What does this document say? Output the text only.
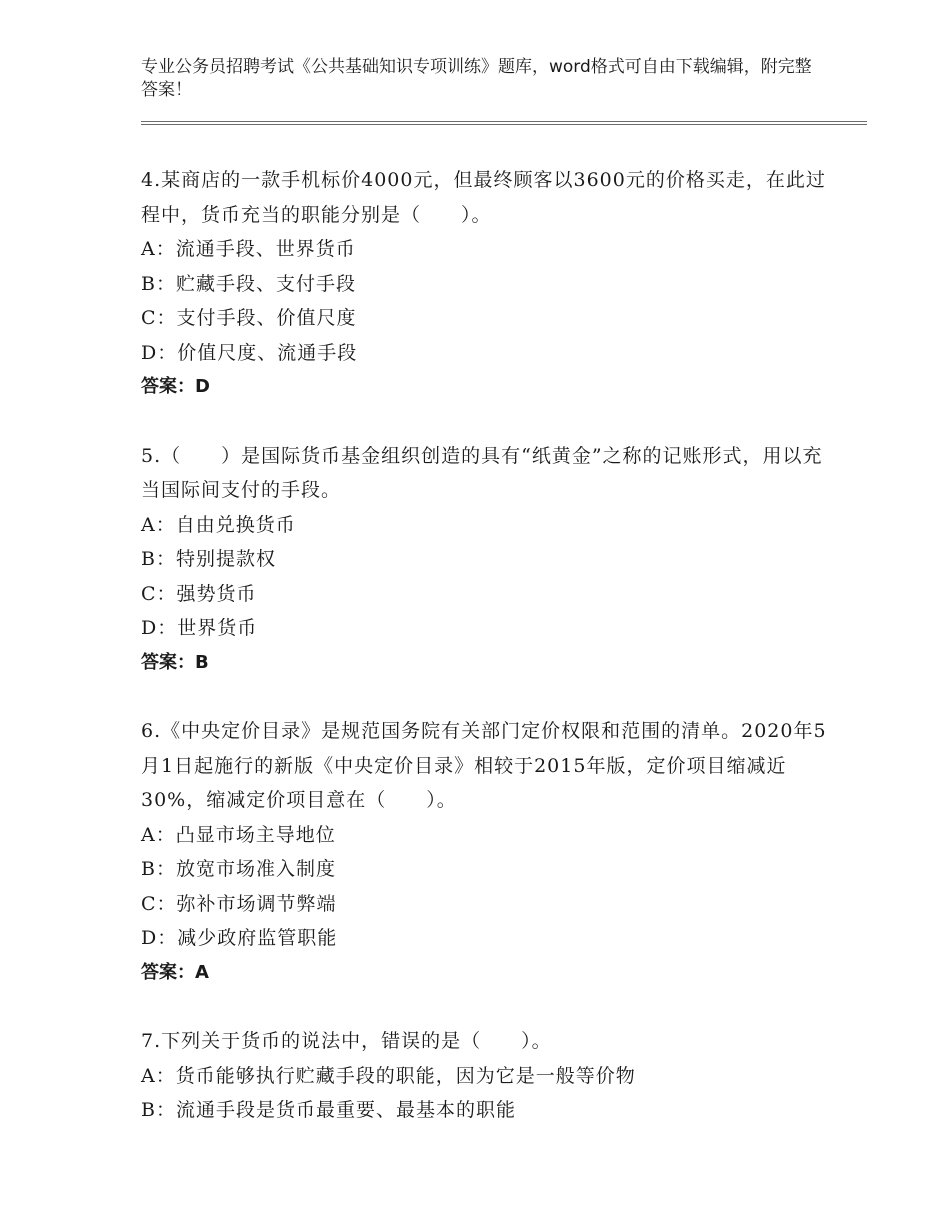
专业公务员招聘考试《公共基础知识专项训练》题库，word格式可自由下载编辑，附完整答案！

4.某商店的一款手机标价4000元，但最终顾客以3600元的价格买走，在此过程中，货币充当的职能分别是（　　）。

A：流通手段、世界货币

B：贮藏手段、支付手段

C：支付手段、价值尺度

D：价值尺度、流通手段

答案：D

5.（　　）是国际货币基金组织创造的具有“纸黄金”之称的记账形式，用以充当国际间支付的手段。

A：自由兑换货币

B：特别提款权

C：强势货币

D：世界货币

答案：B

6.《中央定价目录》是规范国务院有关部门定价权限和范围的清单。2020年5月1日起施行的新版《中央定价目录》相较于2015年版，定价项目缩减近30%，缩减定价项目意在（　　）。

A：凸显市场主导地位

B：放宽市场准入制度

C：弥补市场调节弊端

D：减少政府监管职能

答案：A

7.下列关于货币的说法中，错误的是（　　）。

A：货币能够执行贮藏手段的职能，因为它是一般等价物

B：流通手段是货币最重要、最基本的职能
